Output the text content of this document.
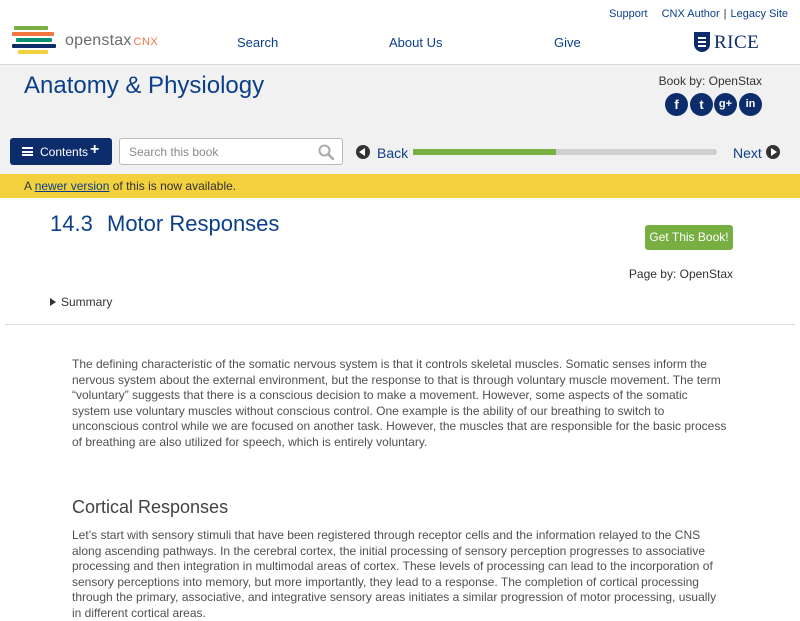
openstax CNX
Support CNX Author | Legacy Site
Search	About Us	Give	RICE
Anatomy & Physiology	Book by: OpenStax
f	t	g+	in
Contents +
Search this book	Back	Next
A newer version of this is now available.
14.3 Motor Responses
Get This Book!
Page by: OpenStax
Summary

The defining characteristic of the somatic nervous system is that it controls skeletal muscles. Somatic senses inform the nervous system about the external environment, but the response to that is through voluntary muscle movement. The term “voluntary” suggests that there is a conscious decision to make a movement. However, some aspects of the somatic system use voluntary muscles without conscious control. One example is the ability of our breathing to switch to unconscious control while we are focused on another task. However, the muscles that are responsible for the basic process of breathing are also utilized for speech, which is entirely voluntary.

Cortical Responses

Let’s start with sensory stimuli that have been registered through receptor cells and the information relayed to the CNS along ascending pathways. In the cerebral cortex, the initial processing of sensory perception progresses to associative processing and then integration in multimodal areas of cortex. These levels of processing can lead to the incorporation of sensory perceptions into memory, but more importantly, they lead to a response. The completion of cortical processing through the primary, associative, and integrative sensory areas initiates a similar progression of motor processing, usually in different cortical areas.
